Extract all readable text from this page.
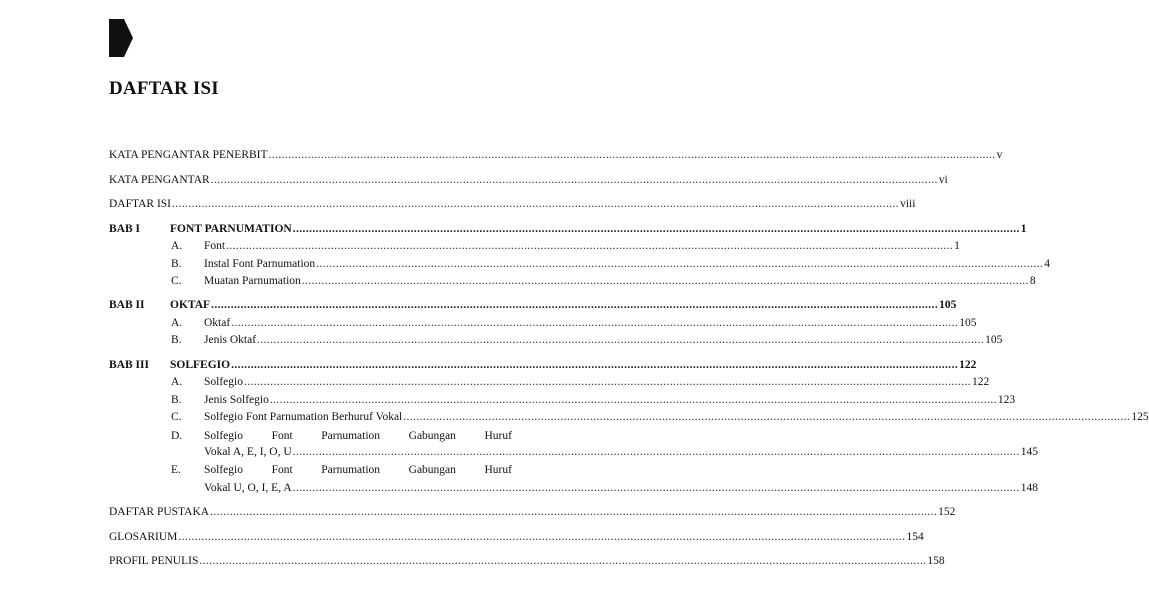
DAFTAR ISI
KATA PENGANTAR PENERBIT .............................................................................................................................................................................................................................. v
KATA PENGANTAR .............................................................................................................................................................................................................................. vi
DAFTAR ISI .............................................................................................................................................................................................................................. viii
BAB I	FONT PARNUMATION .............................................................................................................................................................................................................................. 1
A. Font .............................................................................................................................................................................................................................. 1
B. Instal Font Parnumation .............................................................................................................................................................................................................................. 4
C. Muatan Parnumation .............................................................................................................................................................................................................................. 8
BAB II OKTAF .............................................................................................................................................................................................................................. 105
A. Oktaf .............................................................................................................................................................................................................................. 105
B. Jenis Oktaf .............................................................................................................................................................................................................................. 105
BAB III SOLFEGIO .............................................................................................................................................................................................................................. 122
A. Solfegio .............................................................................................................................................................................................................................. 122
B. Jenis Solfegio .............................................................................................................................................................................................................................. 123
C. Solfegio Font Parnumation Berhuruf Vokal .............................................................................................................................................................................................................................. 125
D. Solfegio Font Parnumation Gabungan Huruf
Vokal A, E, I, O, U .............................................................................................................................................................................................................................. 145
E. Solfegio Font Parnumation Gabungan Huruf
Vokal U, O, I, E, A .............................................................................................................................................................................................................................. 148
DAFTAR PUSTAKA .............................................................................................................................................................................................................................. 152
GLOSARIUM .............................................................................................................................................................................................................................. 154
PROFIL PENULIS .............................................................................................................................................................................................................................. 158
